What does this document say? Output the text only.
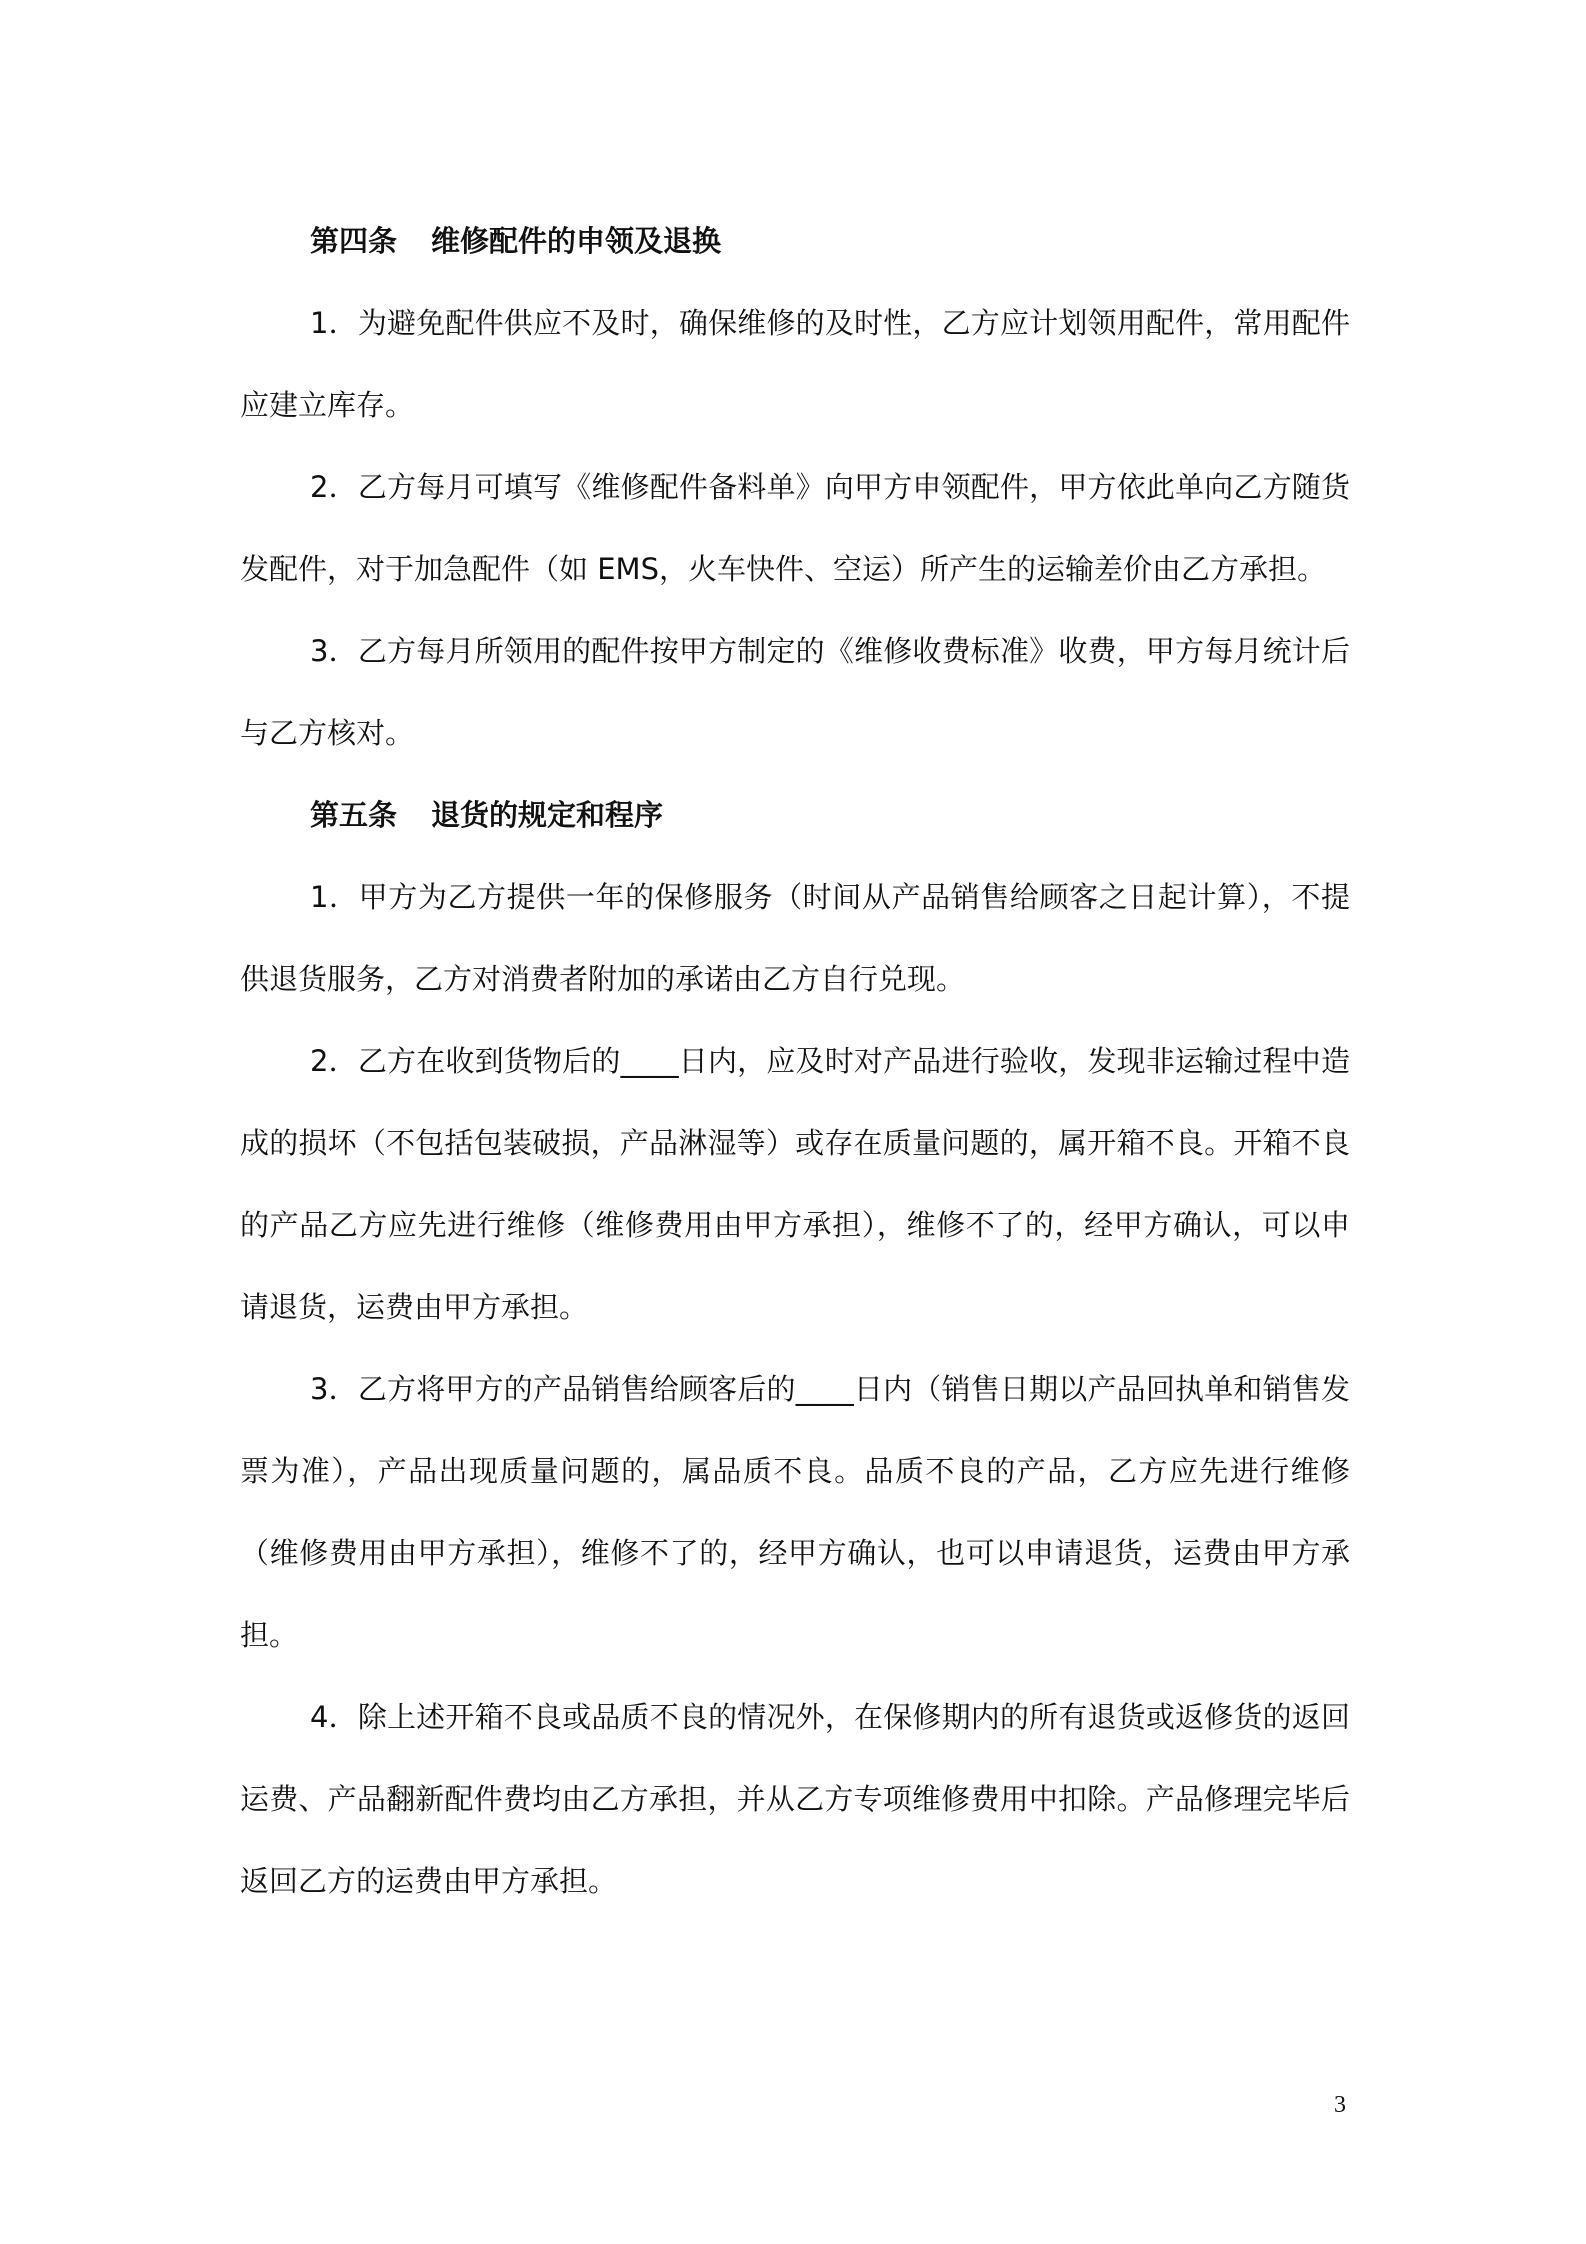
第四条 维修配件的申领及退换

1．为避免配件供应不及时，确保维修的及时性，乙方应计划领用配件，常用配件应建立库存。

2．乙方每月可填写《维修配件备料单》向甲方申领配件，甲方依此单向乙方随货发配件，对于加急配件（如 EMS，火车快件、空运）所产生的运输差价由乙方承担。

3．乙方每月所领用的配件按甲方制定的《维修收费标准》收费，甲方每月统计后与乙方核对。

第五条 退货的规定和程序

1．甲方为乙方提供一年的保修服务（时间从产品销售给顾客之日起计算），不提供退货服务，乙方对消费者附加的承诺由乙方自行兑现。

2．乙方在收到货物后的____日内，应及时对产品进行验收，发现非运输过程中造成的损坏（不包括包装破损，产品淋湿等）或存在质量问题的，属开箱不良。开箱不良的产品乙方应先进行维修（维修费用由甲方承担），维修不了的，经甲方确认，可以申请退货，运费由甲方承担。

3．乙方将甲方的产品销售给顾客后的____日内（销售日期以产品回执单和销售发票为准），产品出现质量问题的，属品质不良。品质不良的产品，乙方应先进行维修（维修费用由甲方承担），维修不了的，经甲方确认，也可以申请退货，运费由甲方承担。

4．除上述开箱不良或品质不良的情况外，在保修期内的所有退货或返修货的返回运费、产品翻新配件费均由乙方承担，并从乙方专项维修费用中扣除。产品修理完毕后返回乙方的运费由甲方承担。

3
